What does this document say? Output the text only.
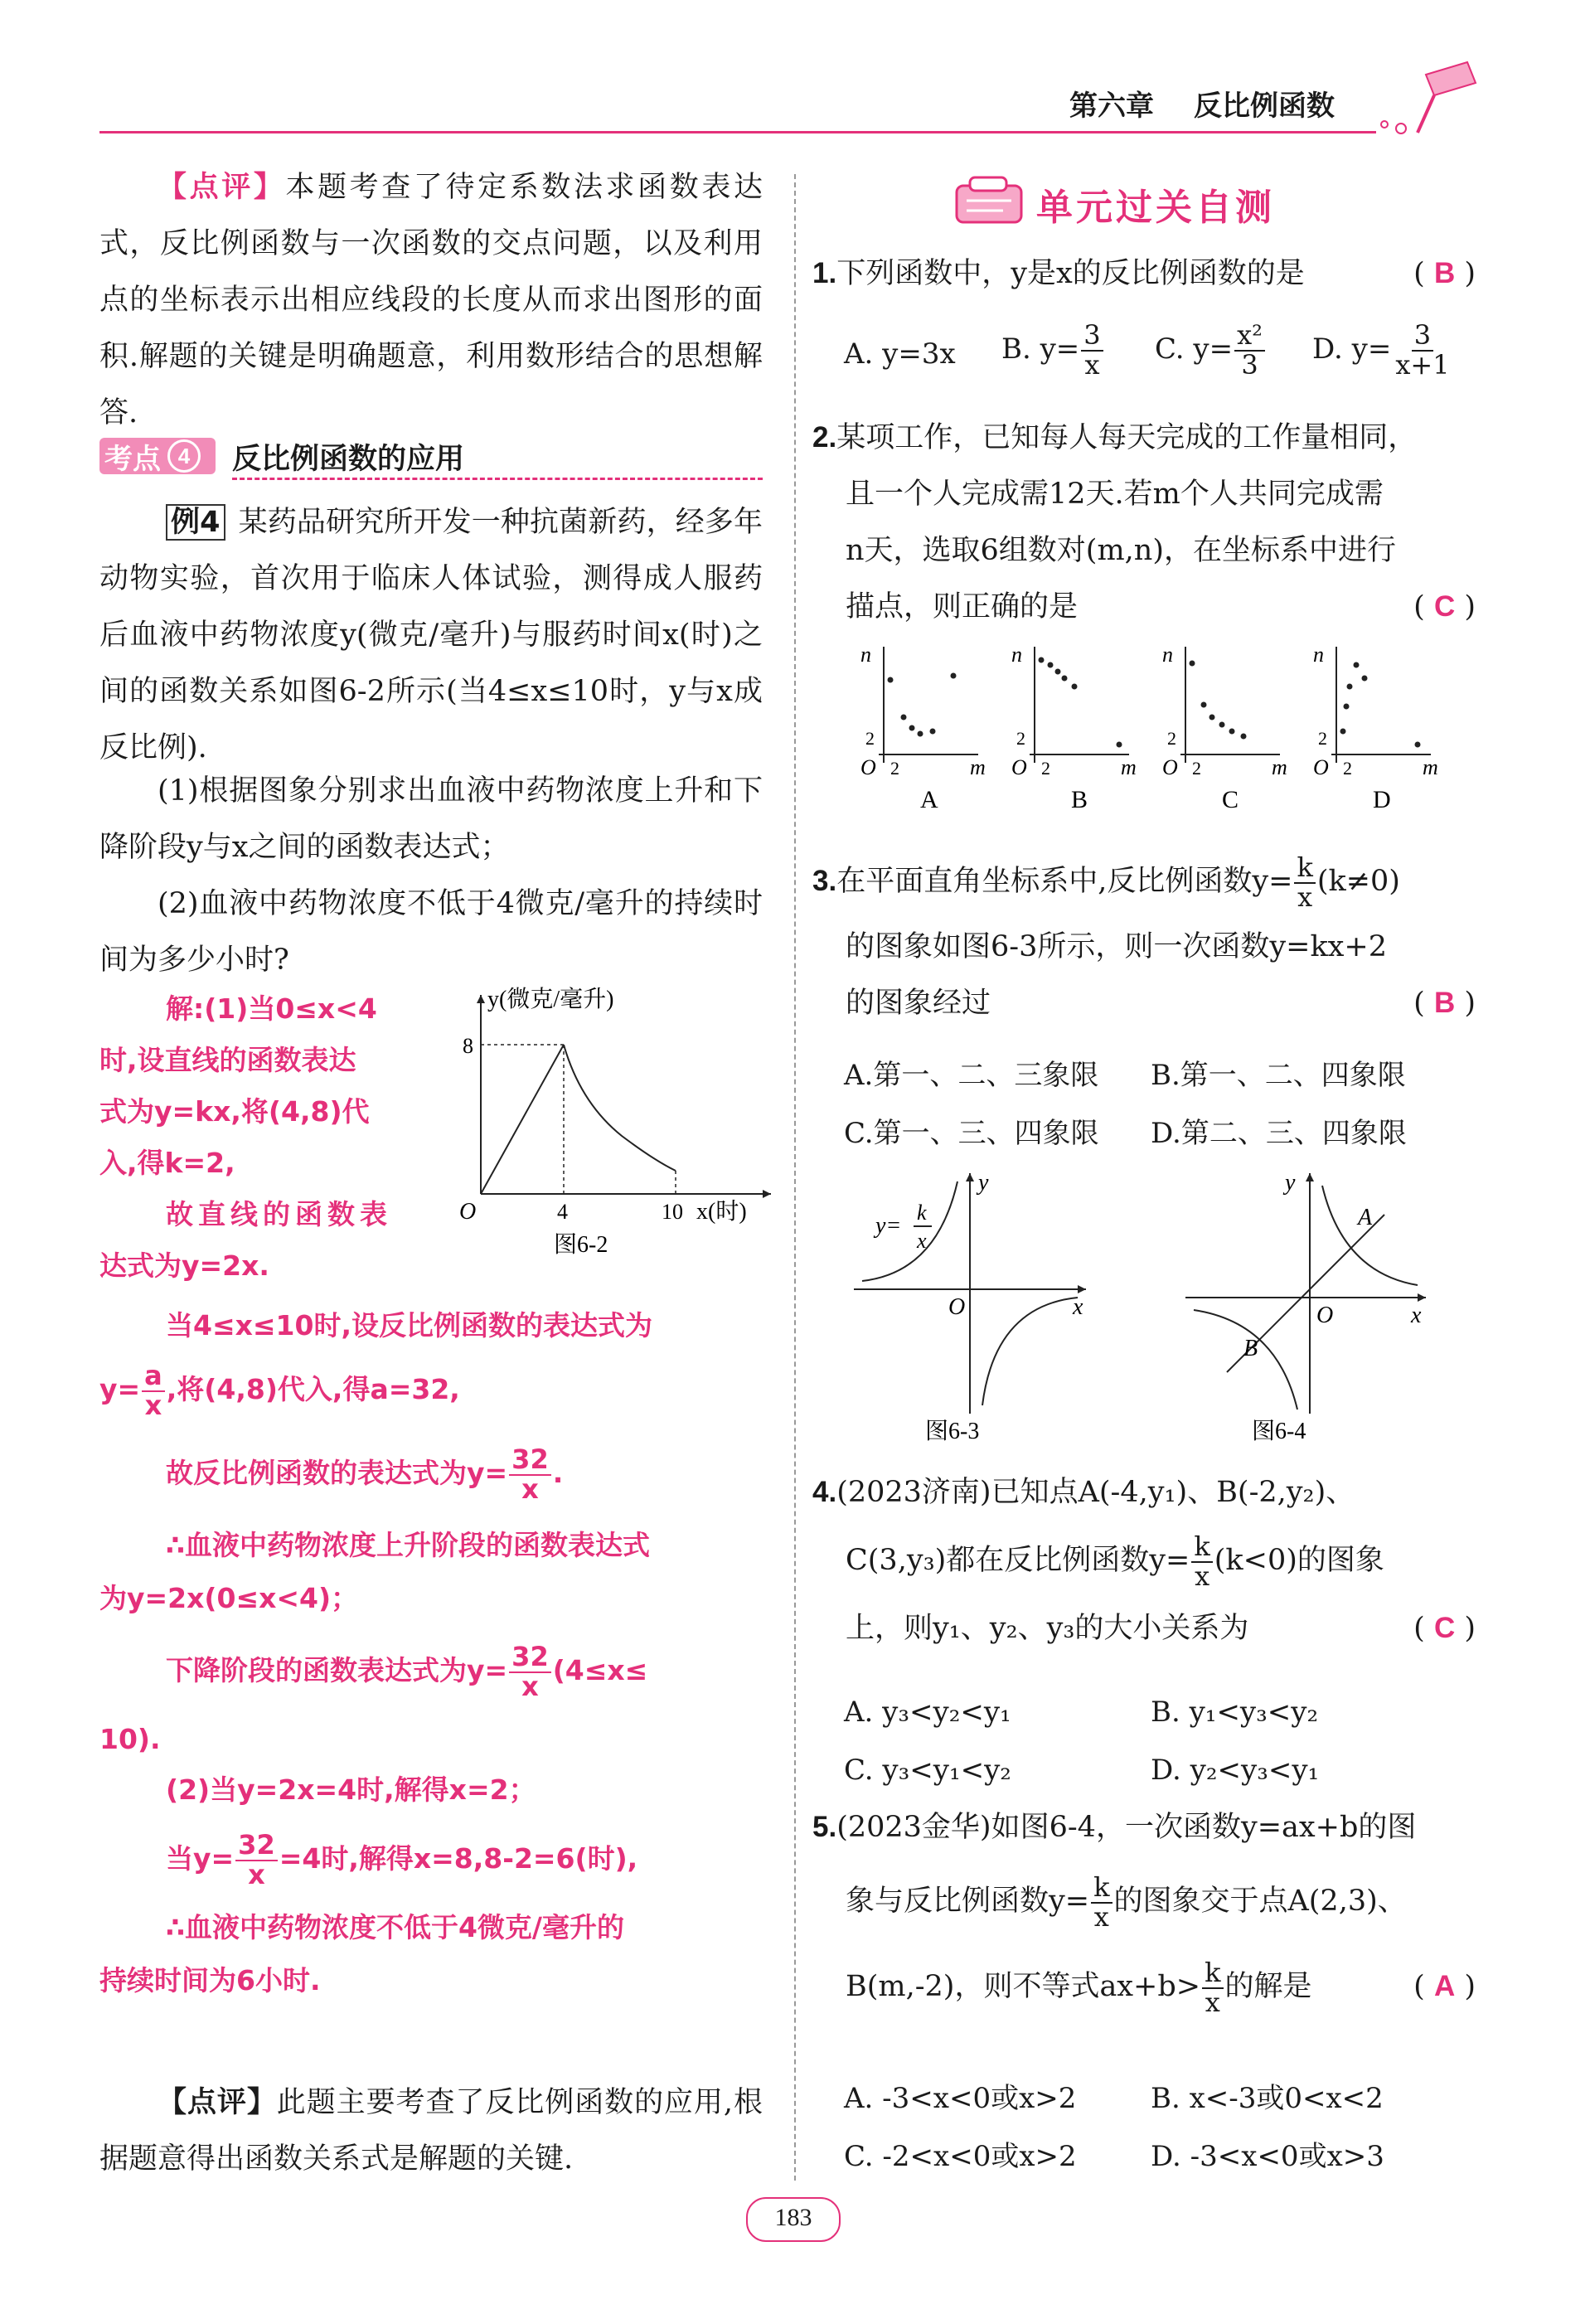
第六章 反比例函数
【点评】本题考查了待定系数法求函数表达式，反比例函数与一次函数的交点问题，以及利用点的坐标表示出相应线段的长度从而求出图形的面积.解题的关键是明确题意，利用数形结合的思想解答.
考点 4	反比例函数的应用
例4 某药品研究所开发一种抗菌新药，经多年动物实验，首次用于临床人体试验，测得成人服药后血液中药物浓度y(微克/毫升)与服药时间x(时)之间的函数关系如图6-2所示(当4≤x≤10时，y与x成反比例).
(1)根据图象分别求出血液中药物浓度上升和下降阶段y与x之间的函数表达式；
(2)血液中药物浓度不低于4微克/毫升的持续时间为多少小时?
解:(1)当0≤x<4
时,设直线的函数表达
式为y=kx,将(4,8)代
入,得k=2,
故直线的函数表
达式为y=2x.
y(微克/毫升)
8
O	4	10 x(时)
图6-2
当4≤x≤10时,设反比例函数的表达式为
$y= \frac{a}{x}$ ,将(4,8)代入,得a=32,
故反比例函数的表达式为$y= \frac{32}{x}$ .
∴血液中药物浓度上升阶段的函数表达式
为y=2x(0≤x<4)；
下降阶段的函数表达式为$y= \frac{32}{x} (4\le x\le$
10).
(2)当y=2x=4时,解得x=2；
当$y= \frac{32}{x} =4$时,解得x=8,8-2=6(时),
∴血液中药物浓度不低于4微克/毫升的
持续时间为6小时.
【点评】此题主要考查了反比例函数的应用,根据题意得出函数关系式是解题的关键.
单元过关自测
1.下列函数中，y是x的反比例函数的是	( B )
A. y=3x B. $y= \frac{3}{x} C$. $y= \frac{\text{x²}}{3} D$. $y= \frac{3}{x+1}$
2.某项工作，已知每人每天完成的工作量相同，
且一个人完成需12天.若m个人共同完成需
n天，选取6组数对(m,n)，在坐标系中进行
描点，则正确的是	( C )
n
2
O 2	m
A
n
2
O 2	m
B
n
2
O 2	m
C
n
2
O 2	m
D
3.在平面直角坐标系中,反比例函数$y= \frac{k}{x} (k\ne 0)$
的图象如图6-3所示，则一次函数y=kx+2
的图象经过	( B )
A.第一、二、三象限 B.第一、二、四象限
C.第一、三、四象限 D.第二、三、四象限
y=
k
x
O	x
y
图6-3
A
B
O	x
y
图6-4
4.(2023济南)已知点A(-4,y₁)、B(-2,y₂)、
C(3,y₃)都在反比例函数$y= \frac{k}{x} (k<0)$的图象
上，则y₁、y₂、y₃的大小关系为	( C )
A. y₃<y₂<y₁	B. y₁<y₃<y₂
C. y₃<y₁<y₂	D. y₂<y₃<y₁
5.(2023金华)如图6-4，一次函数y=ax+b的图
象与反比例函数$y= \frac{k}{x}$ 的图象交于点A(2,3)、
B(m,-2)，则不等式$ax+b> \frac{k}{x}$ 的解是	( A )
A. -3<x<0或x>2	B. x<-3或0<x<2
C. -2<x<0或x>2	D. -3<x<0或x>3
183
